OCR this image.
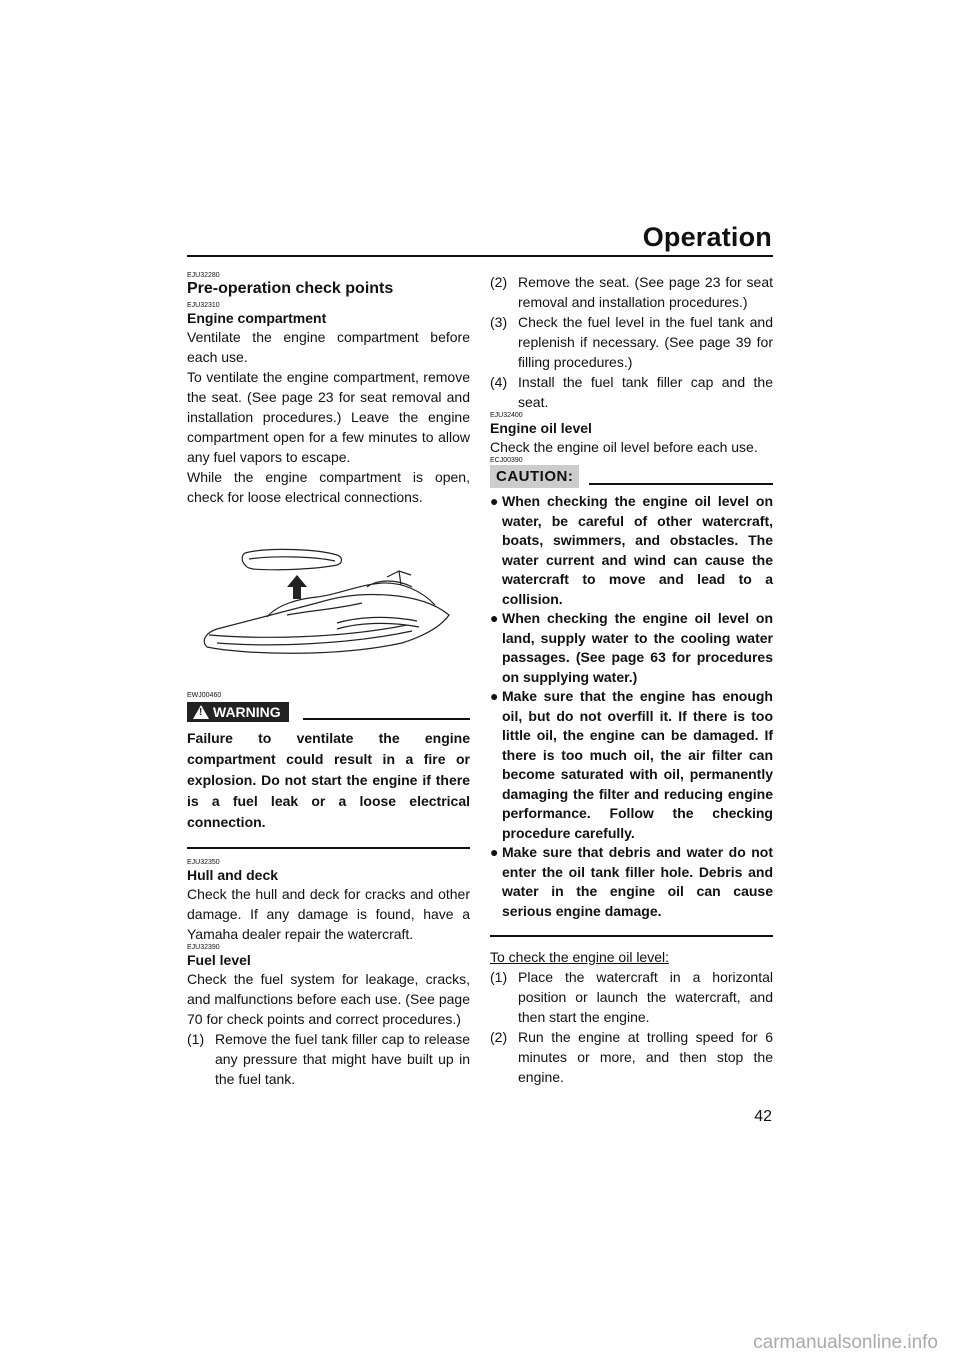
Operation

EJU32280

Pre-operation check points

EJU32310

Engine compartment

Ventilate the engine compartment before each use.

To ventilate the engine compartment, remove the seat. (See page 23 for seat removal and installation procedures.) Leave the engine compartment open for a few minutes to allow any fuel vapors to escape.

While the engine compartment is open, check for loose electrical connections.

EWJ00460

! WARNING

Failure to ventilate the engine compartment could result in a fire or explosion. Do not start the engine if there is a fuel leak or a loose electrical connection.

EJU32350

Hull and deck

Check the hull and deck for cracks and other damage. If any damage is found, have a Yamaha dealer repair the watercraft.

EJU32390

Fuel level

Check the fuel system for leakage, cracks, and malfunctions before each use. (See page 70 for check points and correct procedures.)

(1) Remove the fuel tank filler cap to release any pressure that might have built up in the fuel tank.
(2) Remove the seat. (See page 23 for seat removal and installation procedures.)
(3) Check the fuel level in the fuel tank and replenish if necessary. (See page 39 for filling procedures.)
(4) Install the fuel tank filler cap and the seat.

EJU32400

Engine oil level

Check the engine oil level before each use.

ECJ00390

CAUTION:
● When checking the engine oil level on water, be careful of other watercraft, boats, swimmers, and obstacles. The water current and wind can cause the watercraft to move and lead to a collision.
● When checking the engine oil level on land, supply water to the cooling water passages. (See page 63 for procedures on supplying water.)
● Make sure that the engine has enough oil, but do not overfill it. If there is too little oil, the engine can be damaged. If there is too much oil, the air filter can become saturated with oil, permanently damaging the filter and reducing engine performance. Follow the checking procedure carefully.
● Make sure that debris and water do not enter the oil tank filler hole. Debris and water in the engine oil can cause serious engine damage.

To check the engine oil level:

(1) Place the watercraft in a horizontal position or launch the watercraft, and then start the engine.
(2) Run the engine at trolling speed for 6 minutes or more, and then stop the engine.
42
carmanualsonline.info
